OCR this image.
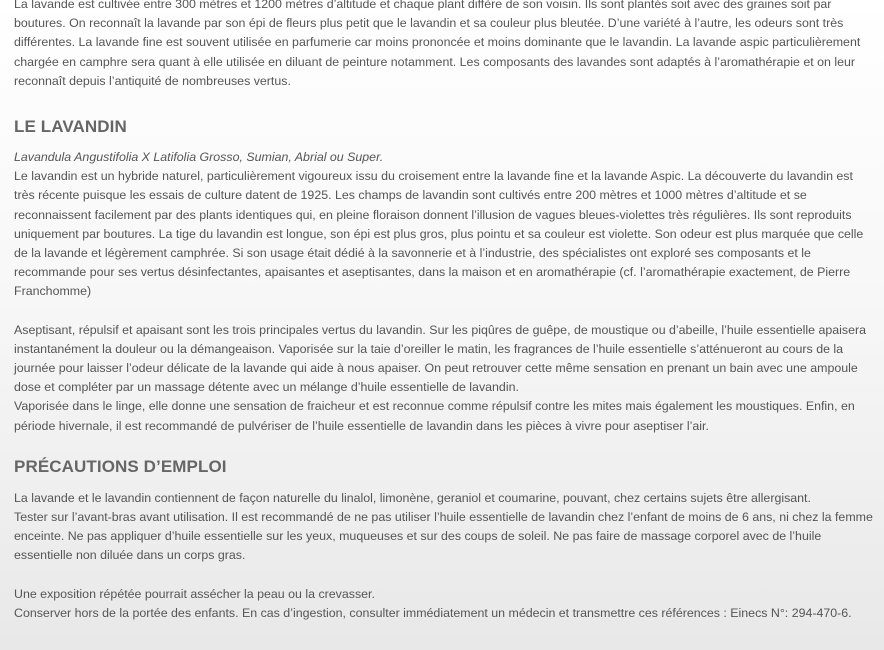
La lavande est cultivée entre 300 mètres et 1200 mètres d’altitude et chaque plant diffère de son voisin. Ils sont plantés soit avec des graines soit par boutures. On reconnaît la lavande par son épi de fleurs plus petit que le lavandin et sa couleur plus bleutée. D’une variété à l’autre, les odeurs sont très différentes. La lavande fine est souvent utilisée en parfumerie car moins prononcée et moins dominante que le lavandin. La lavande aspic particulièrement chargée en camphre sera quant à elle utilisée en diluant de peinture notamment. Les composants des lavandes sont adaptés à l’aromathérapie et on leur reconnaît depuis l’antiquité de nombreuses vertus.

LE LAVANDIN

Lavandula Angustifolia X Latifolia Grosso, Sumian, Abrial ou Super.

Le lavandin est un hybride naturel, particulièrement vigoureux issu du croisement entre la lavande fine et la lavande Aspic. La découverte du lavandin est très récente puisque les essais de culture datent de 1925. Les champs de lavandin sont cultivés entre 200 mètres et 1000 mètres d’altitude et se reconnaissent facilement par des plants identiques qui, en pleine floraison donnent l’illusion de vagues bleues-violettes très régulières. Ils sont reproduits uniquement par boutures. La tige du lavandin est longue, son épi est plus gros, plus pointu et sa couleur est violette. Son odeur est plus marquée que celle de la lavande et légèrement camphrée. Si son usage était dédié à la savonnerie et à l’industrie, des spécialistes ont exploré ses composants et le recommande pour ses vertus désinfectantes, apaisantes et aseptisantes, dans la maison et en aromathérapie (cf. l’aromathérapie exactement, de Pierre Franchomme)

Aseptisant, répulsif et apaisant sont les trois principales vertus du lavandin. Sur les piqûres de guêpe, de moustique ou d’abeille, l’huile essentielle apaisera instantanément la douleur ou la démangeaison. Vaporisée sur la taie d’oreiller le matin, les fragrances de l’huile essentielle s’atténueront au cours de la journée pour laisser l’odeur délicate de la lavande qui aide à nous apaiser. On peut retrouver cette même sensation en prenant un bain avec une ampoule dose et compléter par un massage détente avec un mélange d’huile essentielle de lavandin.

Vaporisée dans le linge, elle donne une sensation de fraicheur et est reconnue comme répulsif contre les mites mais également les moustiques. Enfin, en période hivernale, il est recommandé de pulvériser de l’huile essentielle de lavandin dans les pièces à vivre pour aseptiser l’air.

PRÉCAUTIONS D’EMPLOI

La lavande et le lavandin contiennent de façon naturelle du linalol, limonène, geraniol et coumarine, pouvant, chez certains sujets être allergisant.

Tester sur l’avant-bras avant utilisation. Il est recommandé de ne pas utiliser l’huile essentielle de lavandin chez l’enfant de moins de 6 ans, ni chez la femme enceinte. Ne pas appliquer d’huile essentielle sur les yeux, muqueuses et sur des coups de soleil. Ne pas faire de massage corporel avec de l’huile essentielle non diluée dans un corps gras.

Une exposition répétée pourrait assécher la peau ou la crevasser.

Conserver hors de la portée des enfants. En cas d’ingestion, consulter immédiatement un médecin et transmettre ces références : Einecs N°: 294-470-6.
